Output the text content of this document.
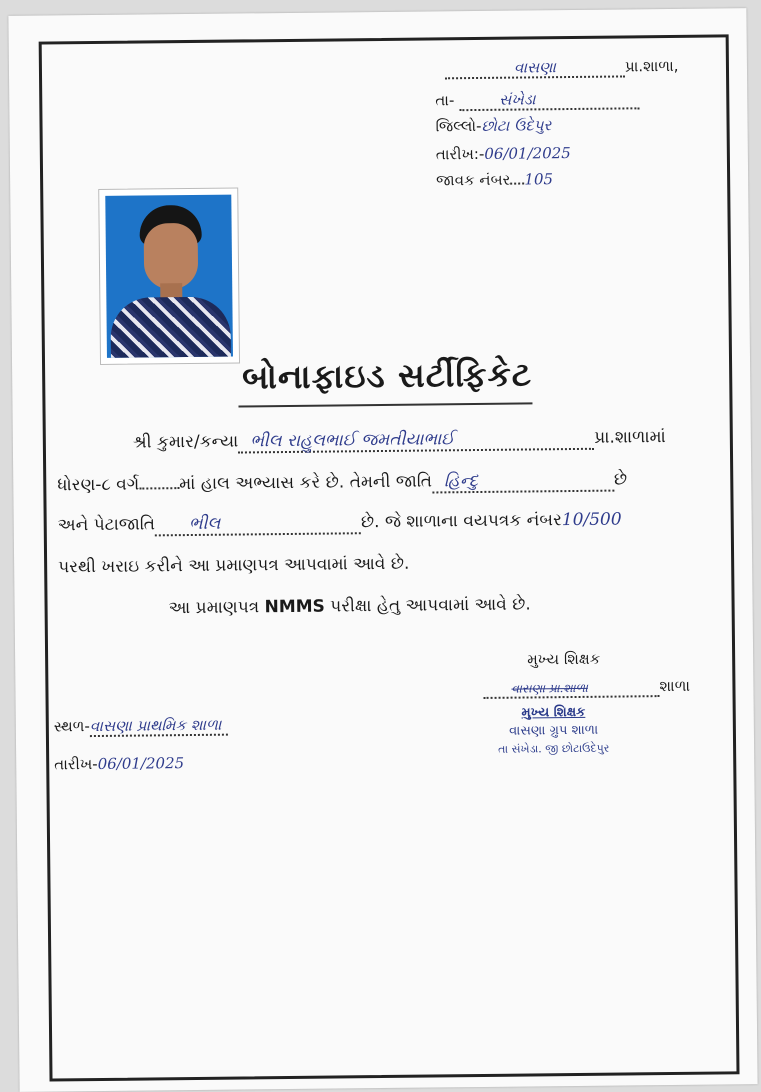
વાસણા	પ્રા.શાળા,
તા-	સંખેડા
જિલ્લો-છોટા ઉદેપુર
તારીખ:-06/01/2025
જાવક નંબર 105
બોનાફાઇડ સર્ટીફિકેટ
શ્રી કુમાર/કન્યા ભીલ રાહુલભાઈ જમતીયાભાઈ	પ્રા.શાળામાં
ધોરણ-૮ વર્ગ માં હાલ અભ્યાસ કરે છે. તેમની જાતિ હિન્દુ	છે
અને પેટાજાતિ ભીલ	છે. જે શાળાના વયપત્રક નંબર10/500
પરથી ખરાઇ કરીને આ પ્રમાણપત્ર આપવામાં આવે છે.
આ પ્રમાણપત્ર NMMS પરીક્ષા હેતુ આપવામાં આવે છે.
મુખ્ય શિક્ષક
વાસણા પ્રા.શાળા	શાળા
મુખ્ય શિક્ષક
વાસણા ગ્રુપ શાળા
તા સંખેડા. જી છોટાઉદેપુર
સ્થળ-વાસણા પ્રાથમિક શાળા
તારીખ-06/01/2025
